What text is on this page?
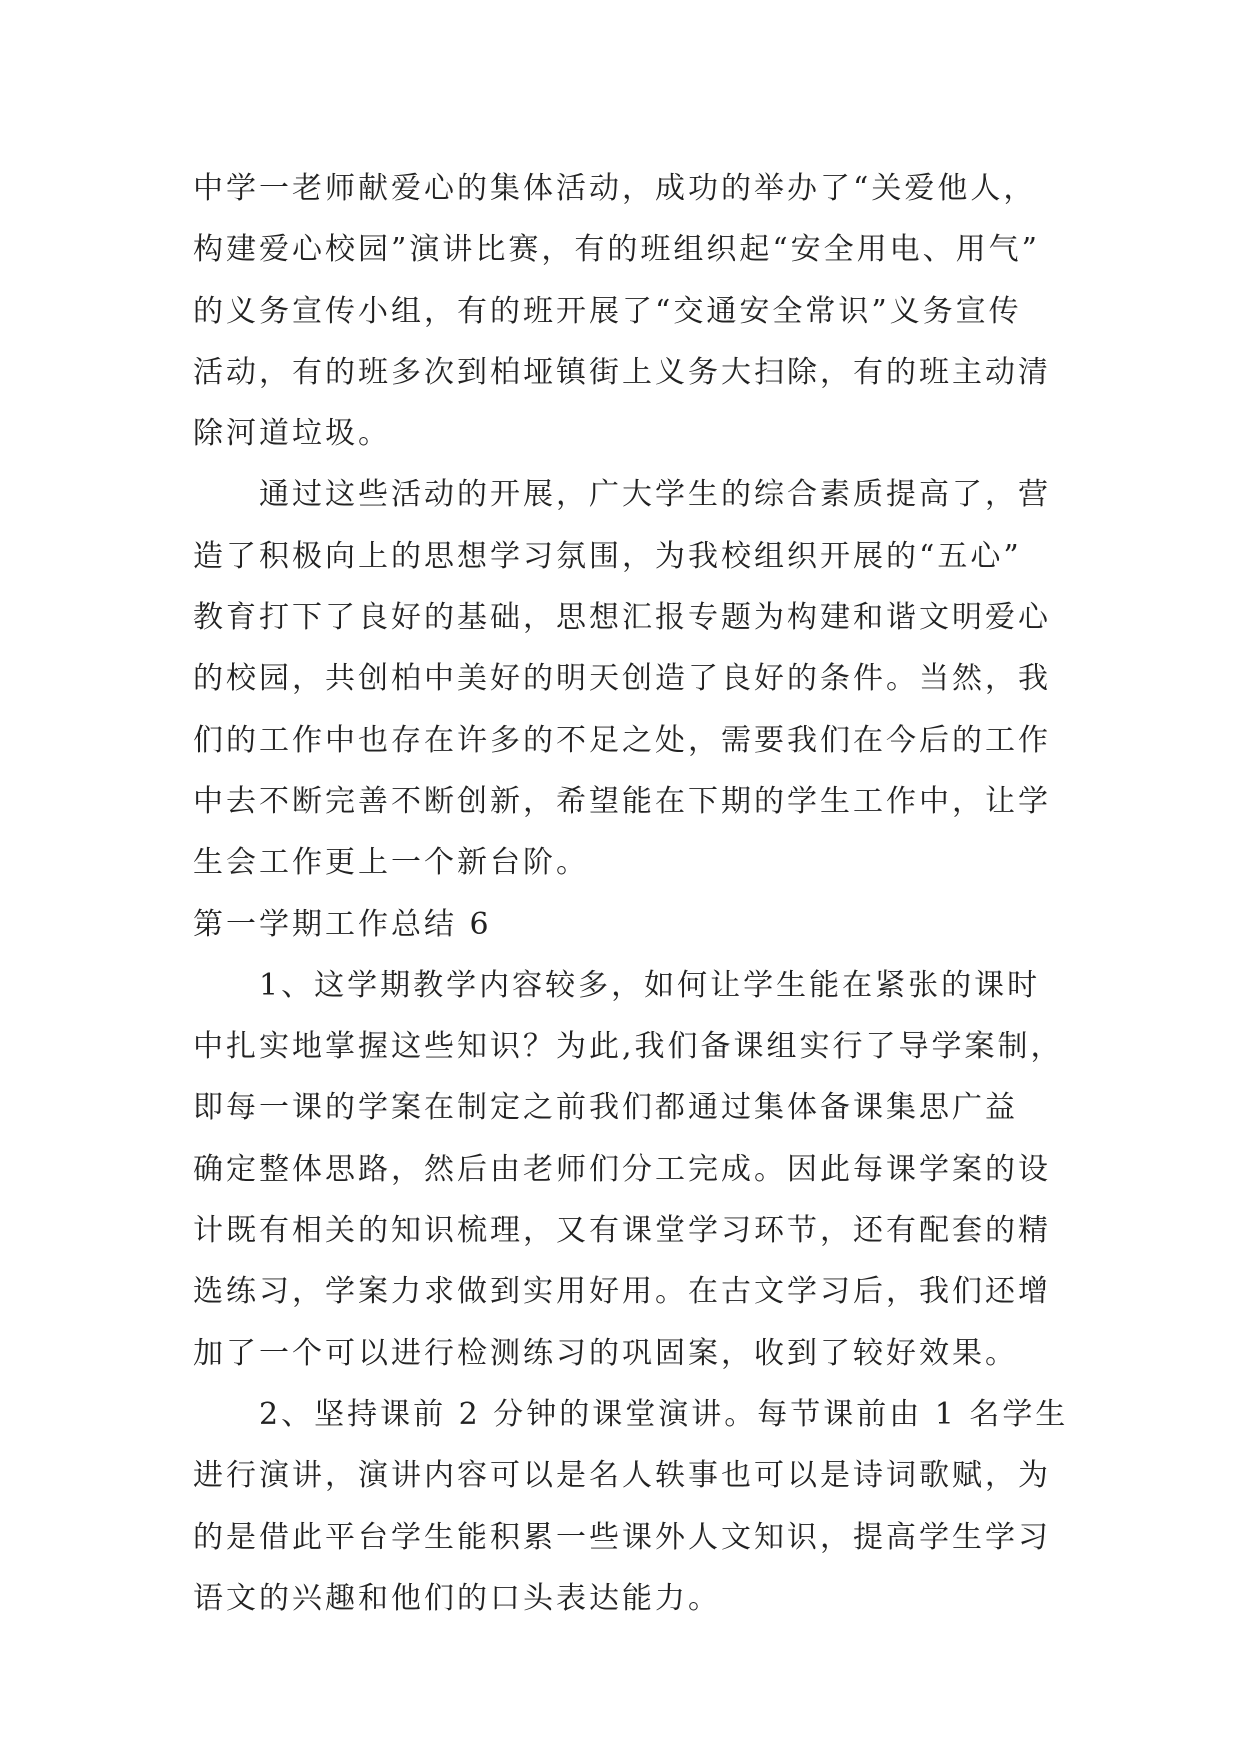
中学一老师献爱心的集体活动，成功的举办了“关爱他人，
构建爱心校园”演讲比赛，有的班组织起“安全用电、用气”
的义务宣传小组，有的班开展了“交通安全常识”义务宣传
活动，有的班多次到柏垭镇街上义务大扫除，有的班主动清
除河道垃圾。
　　通过这些活动的开展，广大学生的综合素质提高了，营
造了积极向上的思想学习氛围，为我校组织开展的“五心”
教育打下了良好的基础，思想汇报专题为构建和谐文明爱心
的校园，共创柏中美好的明天创造了良好的条件。当然，我
们的工作中也存在许多的不足之处，需要我们在今后的工作
中去不断完善不断创新，希望能在下期的学生工作中，让学
生会工作更上一个新台阶。
第一学期工作总结 6
　　1、这学期教学内容较多，如何让学生能在紧张的课时
中扎实地掌握这些知识？为此,我们备课组实行了导学案制，
即每一课的学案在制定之前我们都通过集体备课集思广益
确定整体思路，然后由老师们分工完成。因此每课学案的设
计既有相关的知识梳理，又有课堂学习环节，还有配套的精
选练习，学案力求做到实用好用。在古文学习后，我们还增
加了一个可以进行检测练习的巩固案，收到了较好效果。
　　2、坚持课前 2 分钟的课堂演讲。每节课前由 1 名学生
进行演讲，演讲内容可以是名人轶事也可以是诗词歌赋，为
的是借此平台学生能积累一些课外人文知识，提高学生学习
语文的兴趣和他们的口头表达能力。
